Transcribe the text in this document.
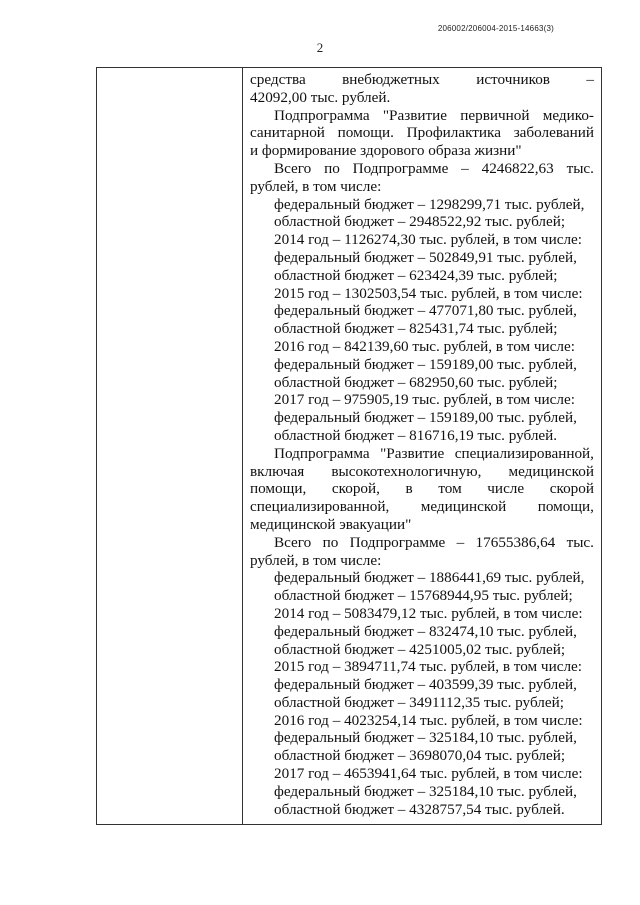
206002/206004-2015-14663(3)
2
средства внебюджетных источников –
42092,00 тыс. рублей.
Подпрограмма "Развитие первичной медико-
санитарной помощи. Профилактика заболеваний
и формирование здорового образа жизни"
Всего по Подпрограмме – 4246822,63 тыс.
рублей, в том числе:
федеральный бюджет – 1298299,71 тыс. рублей,
областной бюджет – 2948522,92 тыс. рублей;
2014 год – 1126274,30 тыс. рублей, в том числе:
федеральный бюджет – 502849,91 тыс. рублей,
областной бюджет – 623424,39 тыс. рублей;
2015 год – 1302503,54 тыс. рублей, в том числе:
федеральный бюджет – 477071,80 тыс. рублей,
областной бюджет – 825431,74 тыс. рублей;
2016 год – 842139,60 тыс. рублей, в том числе:
федеральный бюджет – 159189,00 тыс. рублей,
областной бюджет – 682950,60 тыс. рублей;
2017 год – 975905,19 тыс. рублей, в том числе:
федеральный бюджет – 159189,00 тыс. рублей,
областной бюджет – 816716,19 тыс. рублей.
Подпрограмма "Развитие специализированной,
включая высокотехнологичную, медицинской
помощи, скорой, в том числе скорой
специализированной, медицинской помощи,
медицинской эвакуации"
Всего по Подпрограмме – 17655386,64 тыс.
рублей, в том числе:
федеральный бюджет – 1886441,69 тыс. рублей,
областной бюджет – 15768944,95 тыс. рублей;
2014 год – 5083479,12 тыс. рублей, в том числе:
федеральный бюджет – 832474,10 тыс. рублей,
областной бюджет – 4251005,02 тыс. рублей;
2015 год – 3894711,74 тыс. рублей, в том числе:
федеральный бюджет – 403599,39 тыс. рублей,
областной бюджет – 3491112,35 тыс. рублей;
2016 год – 4023254,14 тыс. рублей, в том числе:
федеральный бюджет – 325184,10 тыс. рублей,
областной бюджет – 3698070,04 тыс. рублей;
2017 год – 4653941,64 тыс. рублей, в том числе:
федеральный бюджет – 325184,10 тыс. рублей,
областной бюджет – 4328757,54 тыс. рублей.
